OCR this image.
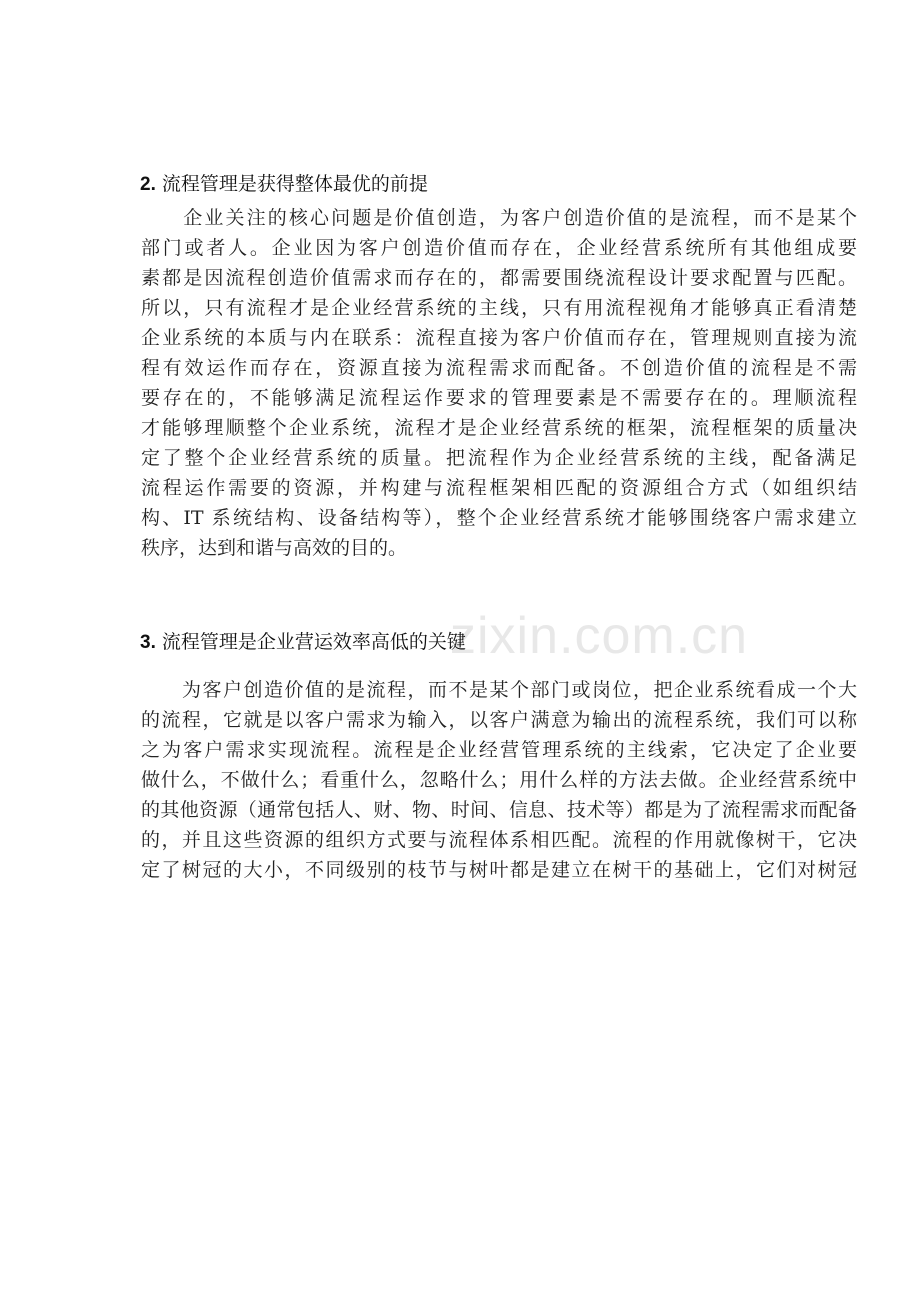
2. 流程管理是获得整体最优的前提
　　企业关注的核心问题是价值创造，为客户创造价值的是流程，而不是某个
部门或者人。企业因为客户创造价值而存在，企业经营系统所有其他组成要
素都是因流程创造价值需求而存在的，都需要围绕流程设计要求配置与匹配。
所以，只有流程才是企业经营系统的主线，只有用流程视角才能够真正看清楚
企业系统的本质与内在联系：流程直接为客户价值而存在，管理规则直接为流
程有效运作而存在，资源直接为流程需求而配备。不创造价值的流程是不需
要存在的，不能够满足流程运作要求的管理要素是不需要存在的。理顺流程
才能够理顺整个企业系统，流程才是企业经营系统的框架，流程框架的质量决
定了整个企业经营系统的质量。把流程作为企业经营系统的主线，配备满足
流程运作需要的资源，并构建与流程框架相匹配的资源组合方式（如组织结
构、IT 系统结构、设备结构等），整个企业经营系统才能够围绕客户需求建立
秩序，达到和谐与高效的目的。
zixin.com.cn
3. 流程管理是企业营运效率高低的关键
　　为客户创造价值的是流程，而不是某个部门或岗位，把企业系统看成一个大
的流程，它就是以客户需求为输入，以客户满意为输出的流程系统，我们可以称
之为客户需求实现流程。流程是企业经营管理系统的主线索，它决定了企业要
做什么，不做什么；看重什么，忽略什么；用什么样的方法去做。企业经营系统中
的其他资源（通常包括人、财、物、时间、信息、技术等）都是为了流程需求而配备
的，并且这些资源的组织方式要与流程体系相匹配。流程的作用就像树干，它决
定了树冠的大小，不同级别的枝节与树叶都是建立在树干的基础上，它们对树冠
